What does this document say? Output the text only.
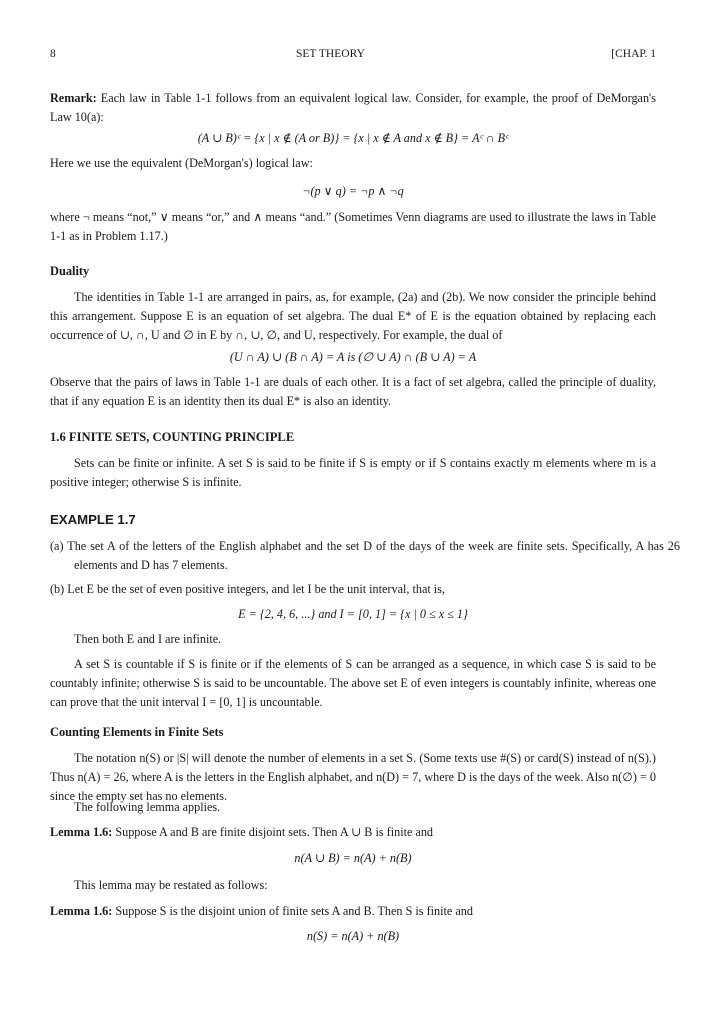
8	SET THEORY	[CHAP. 1

Remark: Each law in Table 1-1 follows from an equivalent logical law. Consider, for example, the proof of DeMorgan's Law 10(a):

(A ∪ B)ᶜ = {x | x ∉ (A or B)} = {x | x ∉ A and x ∉ B} = Aᶜ ∩ Bᶜ

Here we use the equivalent (DeMorgan's) logical law:

¬(p ∨ q) = ¬p ∧ ¬q

where ¬ means “not,” ∨ means “or,” and ∧ means “and.” (Sometimes Venn diagrams are used to illustrate the laws in Table 1-1 as in Problem 1.17.)

Duality

The identities in Table 1-1 are arranged in pairs, as, for example, (2a) and (2b). We now consider the principle behind this arrangement. Suppose E is an equation of set algebra. The dual E* of E is the equation obtained by replacing each occurrence of ∪, ∩, U and ∅ in E by ∩, ∪, ∅, and U, respectively. For example, the dual of

(U ∩ A) ∪ (B ∩ A) = A is (∅ ∪ A) ∩ (B ∪ A) = A

Observe that the pairs of laws in Table 1-1 are duals of each other. It is a fact of set algebra, called the principle of duality, that if any equation E is an identity then its dual E* is also an identity.

1.6 FINITE SETS, COUNTING PRINCIPLE

Sets can be finite or infinite. A set S is said to be finite if S is empty or if S contains exactly m elements where m is a positive integer; otherwise S is infinite.

EXAMPLE 1.7

(a) The set A of the letters of the English alphabet and the set D of the days of the week are finite sets. Specifically, A has 26 elements and D has 7 elements.

(b) Let E be the set of even positive integers, and let I be the unit interval, that is,

E = {2, 4, 6, ...} and I = [0, 1] = {x | 0 ≤ x ≤ 1}

Then both E and I are infinite.

A set S is countable if S is finite or if the elements of S can be arranged as a sequence, in which case S is said to be countably infinite; otherwise S is said to be uncountable. The above set E of even integers is countably infinite, whereas one can prove that the unit interval I = [0, 1] is uncountable.

Counting Elements in Finite Sets

The notation n(S) or |S| will denote the number of elements in a set S. (Some texts use #(S) or card(S) instead of n(S).) Thus n(A) = 26, where A is the letters in the English alphabet, and n(D) = 7, where D is the days of the week. Also n(∅) = 0 since the empty set has no elements.

The following lemma applies.

Lemma 1.6: Suppose A and B are finite disjoint sets. Then A ∪ B is finite and

n(A ∪ B) = n(A) + n(B)

This lemma may be restated as follows:

Lemma 1.6: Suppose S is the disjoint union of finite sets A and B. Then S is finite and

n(S) = n(A) + n(B)
